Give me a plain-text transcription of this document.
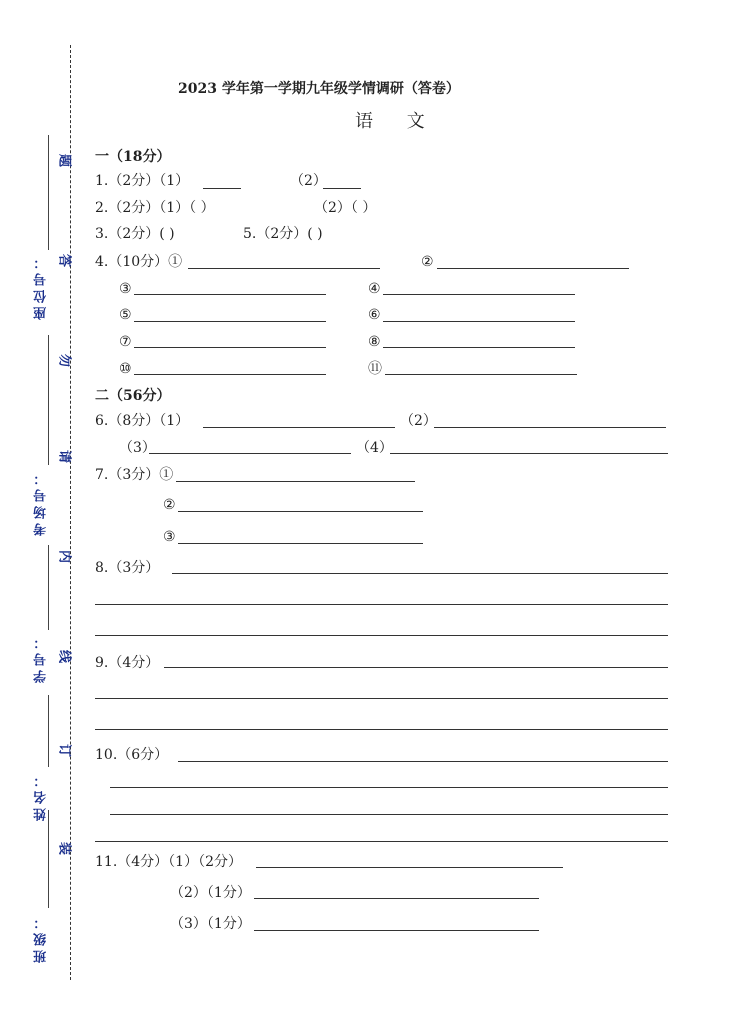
座位号：
考场号：
学号：
姓名：
班级：
题
答
勿
请
内
线
订
装
2023 学年第一学期九年级学情调研（答卷）
语 文
一（18分）
1.（2分）（1）	（2）
2.（2分）（1）（ ）	（2）（ ）
3.（2分）( )	5.（2分）( )
4.（10分）①	②
③	④
⑤	⑥
⑦	⑧
⑩	⑪
二（56分）
6.（8分）（1）	（2）
（3）	（4）
7.（3分）①
②
③
8.（3分）
9.（4分）
10.（6分）
11.（4分）（1）（2分）
（2）（1分）
（3）（1分）
